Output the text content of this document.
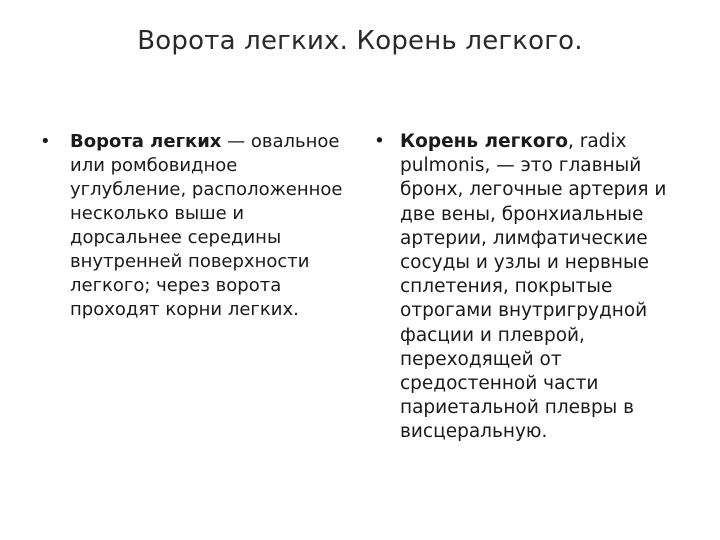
Ворота легких. Корень легкого.
• Ворота легких — овальное или ромбовидное углубление, расположенное несколько выше и дорсальнее середины внутренней поверхности легкого; через ворота проходят корни легких.
• Корень легкого, radix pulmonis, — это главный бронх, легочные артерия и две вены, бронхиальные артерии, лимфатические сосуды и узлы и нервные сплетения, покрытые отрогами внутригрудной фасции и плеврой, переходящей от средостенной части париетальной плевры в висцеральную.
